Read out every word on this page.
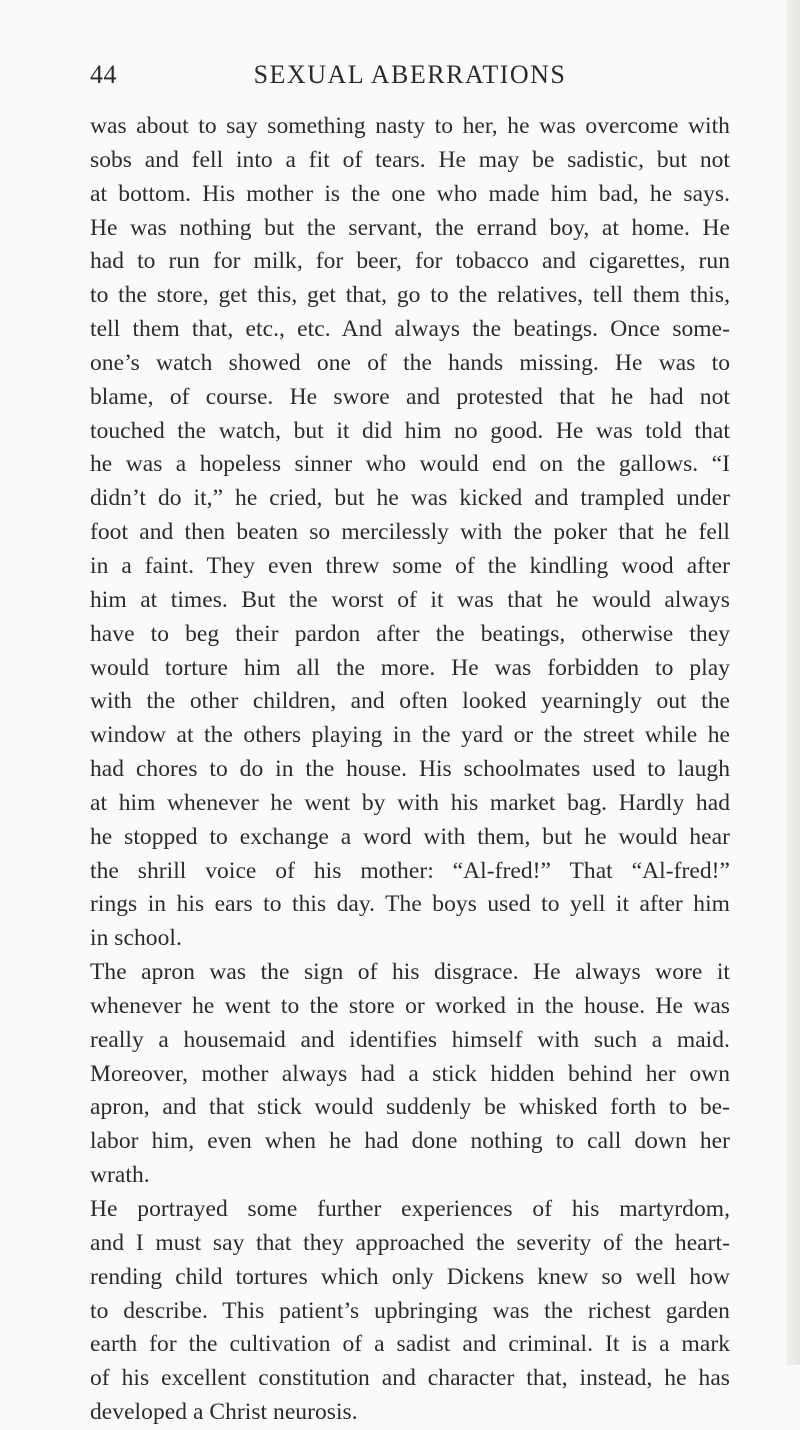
44	SEXUAL ABERRATIONS
was about to say something nasty to her, he was overcome with
sobs and fell into a fit of tears. He may be sadistic, but not
at bottom. His mother is the one who made him bad, he says.
He was nothing but the servant, the errand boy, at home. He
had to run for milk, for beer, for tobacco and cigarettes, run
to the store, get this, get that, go to the relatives, tell them this,
tell them that, etc., etc. And always the beatings. Once some-
one’s watch showed one of the hands missing. He was to
blame, of course. He swore and protested that he had not
touched the watch, but it did him no good. He was told that
he was a hopeless sinner who would end on the gallows. “I
didn’t do it,” he cried, but he was kicked and trampled under
foot and then beaten so mercilessly with the poker that he fell
in a faint. They even threw some of the kindling wood after
him at times. But the worst of it was that he would always
have to beg their pardon after the beatings, otherwise they
would torture him all the more. He was forbidden to play
with the other children, and often looked yearningly out the
window at the others playing in the yard or the street while he
had chores to do in the house. His schoolmates used to laugh
at him whenever he went by with his market bag. Hardly had
he stopped to exchange a word with them, but he would hear
the shrill voice of his mother: “Al-fred!” That “Al-fred!”
rings in his ears to this day. The boys used to yell it after him
in school.
The apron was the sign of his disgrace. He always wore it
whenever he went to the store or worked in the house. He was
really a housemaid and identifies himself with such a maid.
Moreover, mother always had a stick hidden behind her own
apron, and that stick would suddenly be whisked forth to be-
labor him, even when he had done nothing to call down her
wrath.
He portrayed some further experiences of his martyrdom,
and I must say that they approached the severity of the heart-
rending child tortures which only Dickens knew so well how
to describe. This patient’s upbringing was the richest garden
earth for the cultivation of a sadist and criminal. It is a mark
of his excellent constitution and character that, instead, he has
developed a Christ neurosis.
